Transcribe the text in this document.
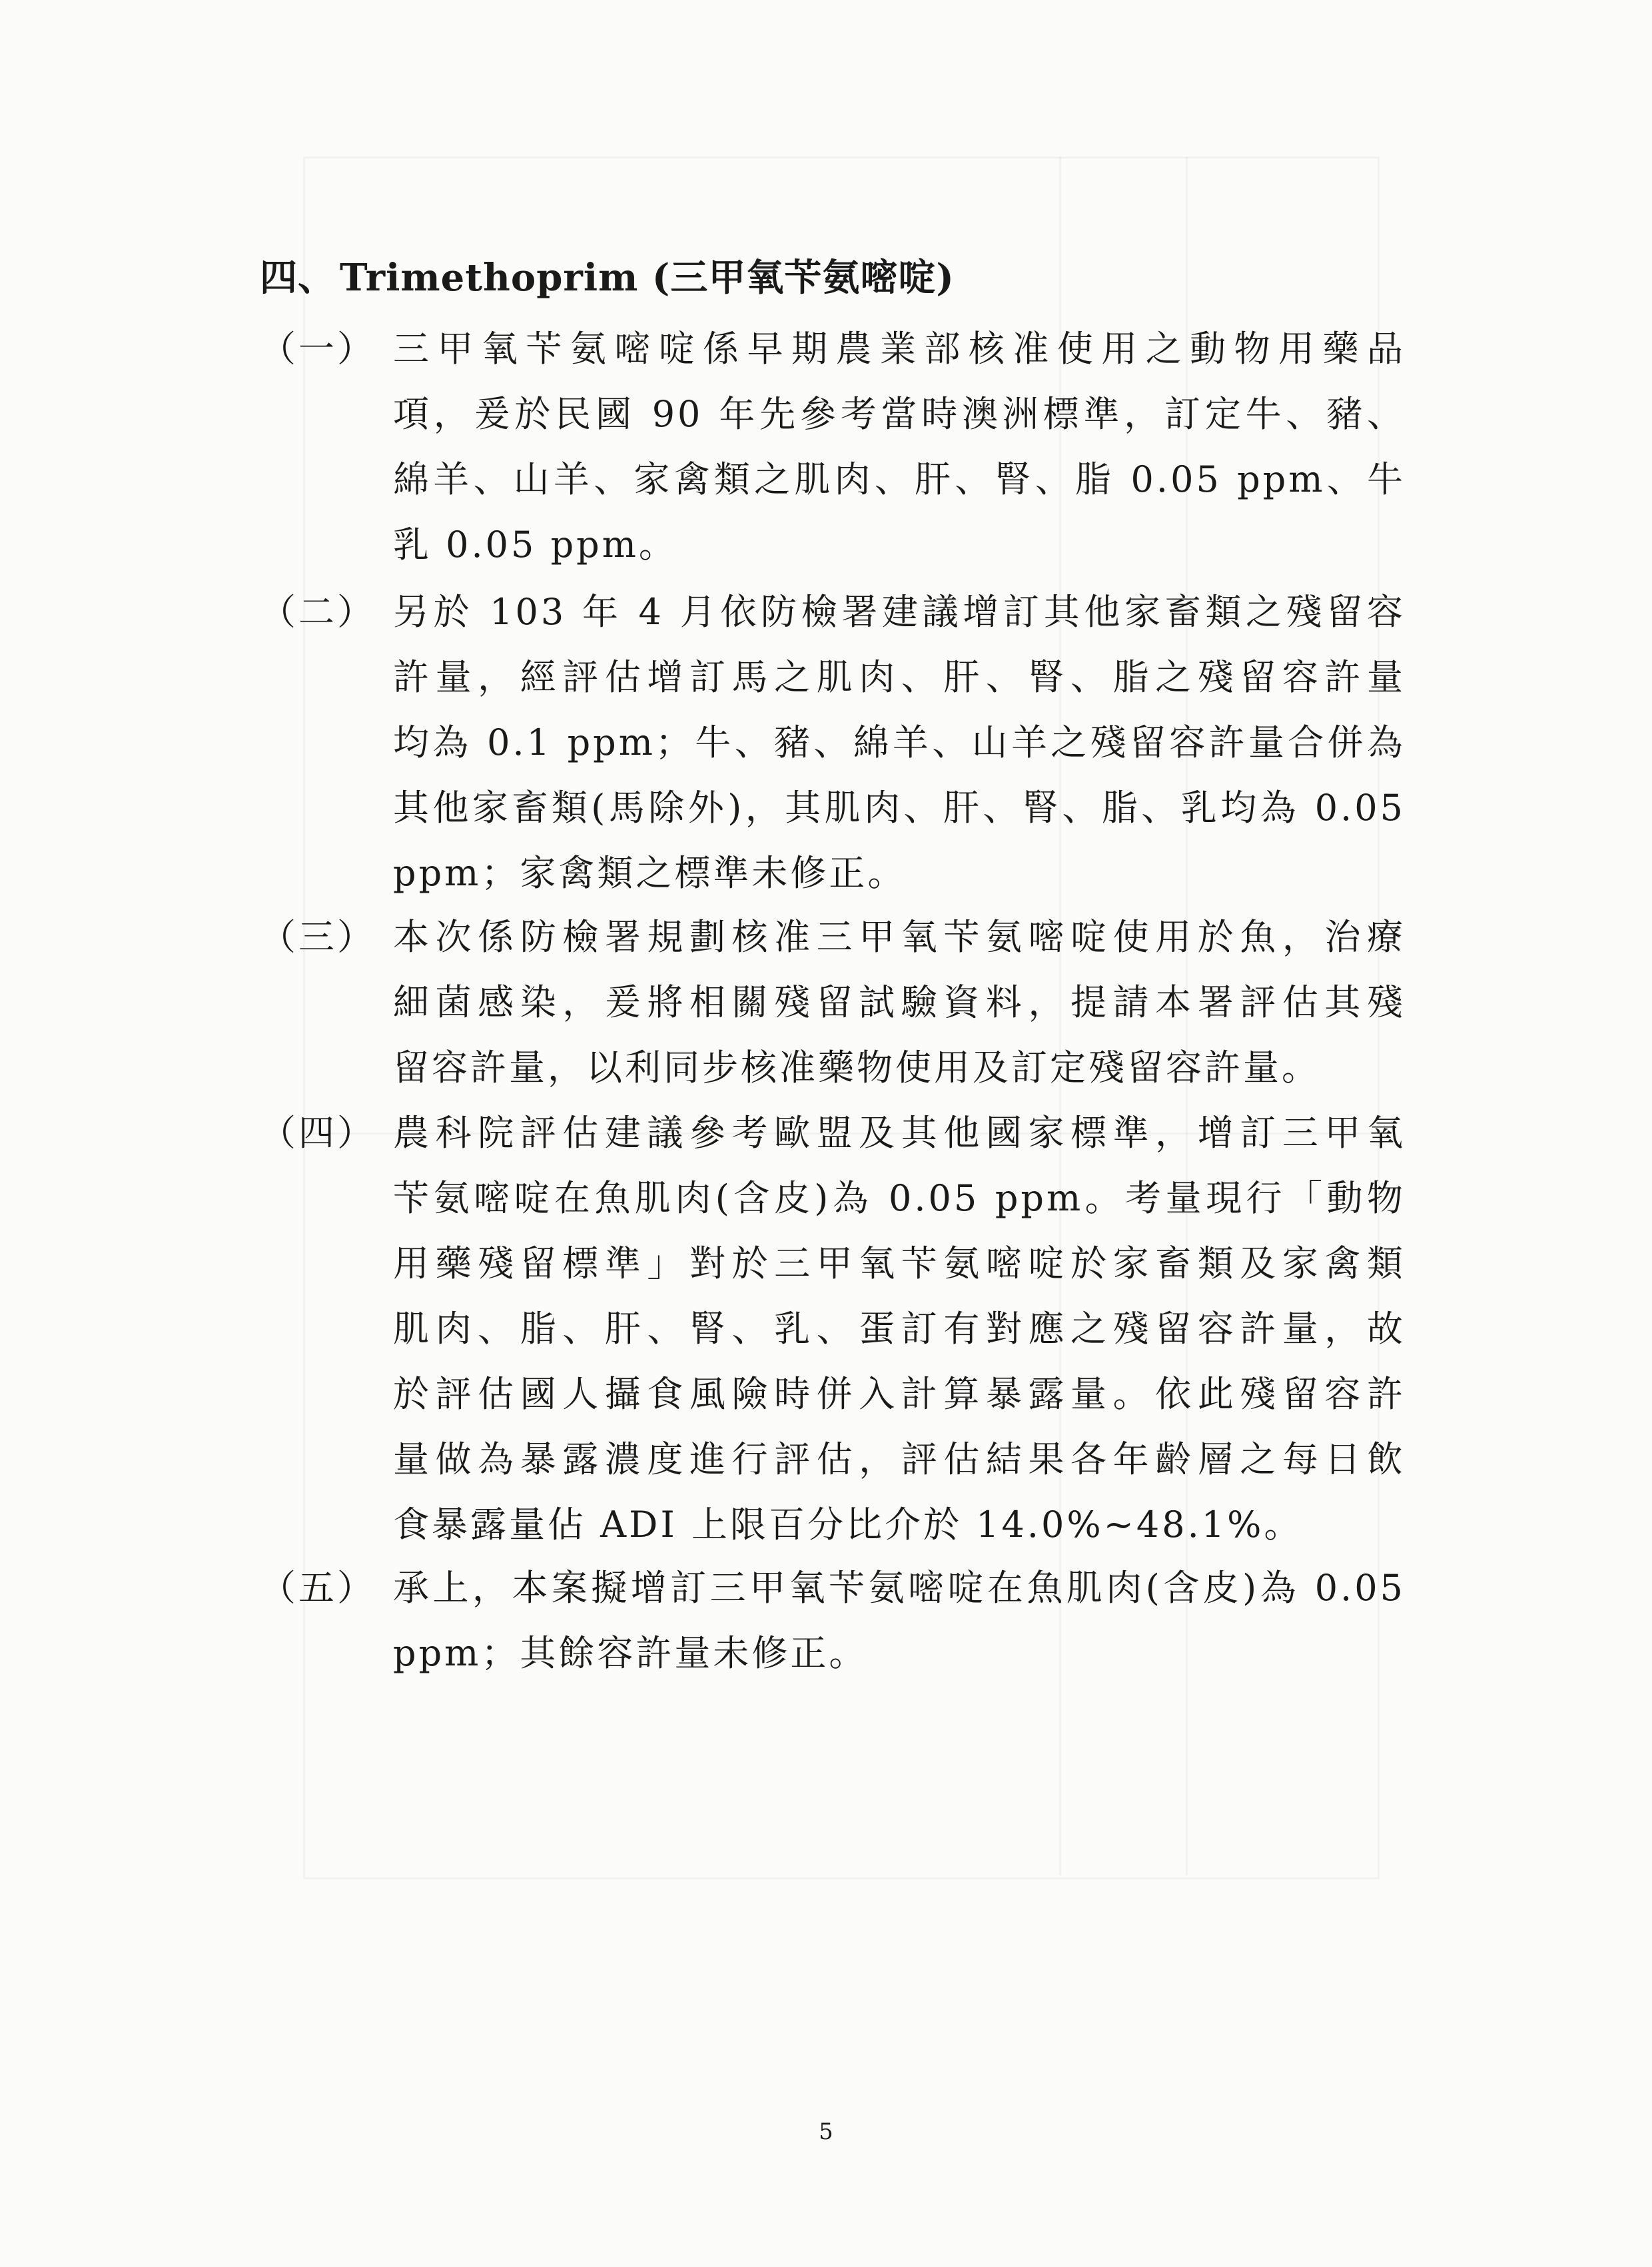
四、 Trimethoprim (三甲氧苄氨嘧啶)
（一） 三甲氧苄氨嘧啶係早期農業部核准使用之動物用藥品
項，爰於民國 90 年先參考當時澳洲標準，訂定牛、豬、
綿羊、山羊、家禽類之肌肉、肝、腎、脂 0.05 ppm、牛
乳 0.05 ppm。
（二） 另於 103 年 4 月依防檢署建議增訂其他家畜類之殘留容
許量，經評估增訂馬之肌肉、肝、腎、脂之殘留容許量
均為 0.1 ppm；牛、豬、綿羊、山羊之殘留容許量合併為
其他家畜類(馬除外)，其肌肉、肝、腎、脂、乳均為 0.05
ppm；家禽類之標準未修正。
（三） 本次係防檢署規劃核准三甲氧苄氨嘧啶使用於魚，治療
細菌感染，爰將相關殘留試驗資料，提請本署評估其殘
留容許量，以利同步核准藥物使用及訂定殘留容許量。
（四） 農科院評估建議參考歐盟及其他國家標準，增訂三甲氧
苄氨嘧啶在魚肌肉(含皮)為 0.05 ppm。考量現行「動物
用藥殘留標準」對於三甲氧苄氨嘧啶於家畜類及家禽類
肌肉、脂、肝、腎、乳、蛋訂有對應之殘留容許量，故
於評估國人攝食風險時併入計算暴露量。依此殘留容許
量做為暴露濃度進行評估，評估結果各年齡層之每日飲
食暴露量佔 ADI 上限百分比介於 14.0%~48.1%。
（五） 承上，本案擬增訂三甲氧苄氨嘧啶在魚肌肉(含皮)為 0.05
ppm；其餘容許量未修正。
5
